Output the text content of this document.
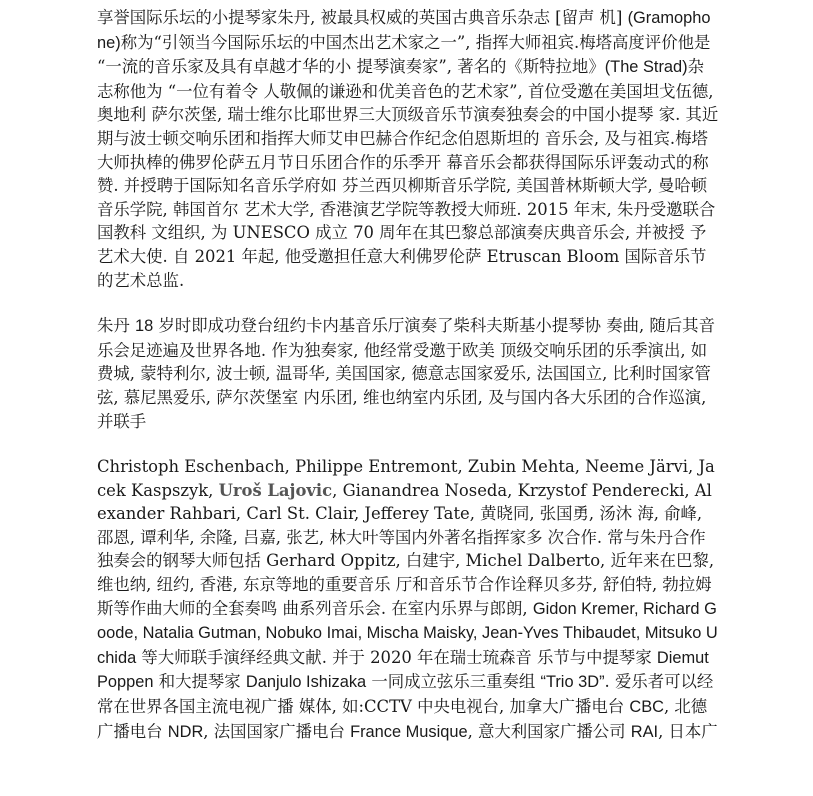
享誉国际乐坛的小提琴家朱丹, 被最具权威的英国古典音乐杂志 [留声 机] (Gramophone)称为“引领当今国际乐坛的中国杰出艺术家之一”, 指挥大师祖宾.梅塔高度评价他是 “一流的音乐家及具有卓越才华的小 提琴演奏家”, 著名的《斯特拉地》(The Strad)杂志称他为 “一位有着令 人敬佩的谦逊和优美音色的艺术家”, 首位受邀在美国坦戈伍德, 奥地利 萨尔茨堡, 瑞士维尔比耶世界三大顶级音乐节演奏独奏会的中国小提琴 家. 其近期与波士顿交响乐团和指挥大师艾申巴赫合作纪念伯恩斯坦的 音乐会, 及与祖宾.梅塔大师执棒的佛罗伦萨五月节日乐团合作的乐季开 幕音乐会都获得国际乐评轰动式的称赞. 并授聘于国际知名音乐学府如 芬兰西贝柳斯音乐学院, 美国普林斯顿大学, 曼哈顿音乐学院, 韩国首尔 艺术大学, 香港演艺学院等教授大师班. 2015 年末, 朱丹受邀联合国教科 文组织, 为 UNESCO 成立 70 周年在其巴黎总部演奏庆典音乐会, 并被授 予艺术大使. 自 2021 年起, 他受邀担任意大利佛罗伦萨 Etruscan Bloom 国际音乐节的艺术总监.

朱丹 18 岁时即成功登台纽约卡内基音乐厅演奏了柴科夫斯基小提琴协 奏曲, 随后其音乐会足迹遍及世界各地. 作为独奏家, 他经常受邀于欧美 顶级交响乐团的乐季演出, 如费城, 蒙特利尔, 波士顿, 温哥华, 美国国家, 德意志国家爱乐, 法国国立, 比利时国家管弦, 慕尼黑爱乐, 萨尔茨堡室 内乐团, 维也纳室内乐团, 及与国内各大乐团的合作巡演, 并联手

Christoph Eschenbach, Philippe Entremont, Zubin Mehta, Neeme Järvi, Jacek Kaspszyk, Uroš Lajovic, Gianandrea Noseda, Krzystof Penderecki, Alexander Rahbari, Carl St. Clair, Jefferey Tate, 黄晓同, 张国勇, 汤沐 海, 俞峰, 邵恩, 谭利华, 余隆, 吕嘉, 张艺, 林大叶等国内外著名指挥家多 次合作. 常与朱丹合作独奏会的钢琴大师包括 Gerhard Oppitz, 白建宇, Michel Dalberto, 近年来在巴黎, 维也纳, 纽约, 香港, 东京等地的重要音乐 厅和音乐节合作诠释贝多芬, 舒伯特, 勃拉姆斯等作曲大师的全套奏鸣 曲系列音乐会. 在室内乐界与郎朗, Gidon Kremer, Richard Goode, Natalia Gutman, Nobuko Imai, Mischa Maisky, Jean-Yves Thibaudet, Mitsuko Uchida 等大师联手演绎经典文献. 并于 2020 年在瑞士琉森音 乐节与中提琴家 Diemut Poppen 和大提琴家 Danjulo Ishizaka 一同成立弦乐三重奏组 “Trio 3D”. 爱乐者可以经常在世界各国主流电视广播 媒体, 如:CCTV 中央电视台, 加拿大广播电台 CBC, 北德广播电台 NDR, 法国国家广播电台 France Musique, 意大利国家广播公司 RAI, 日本广
